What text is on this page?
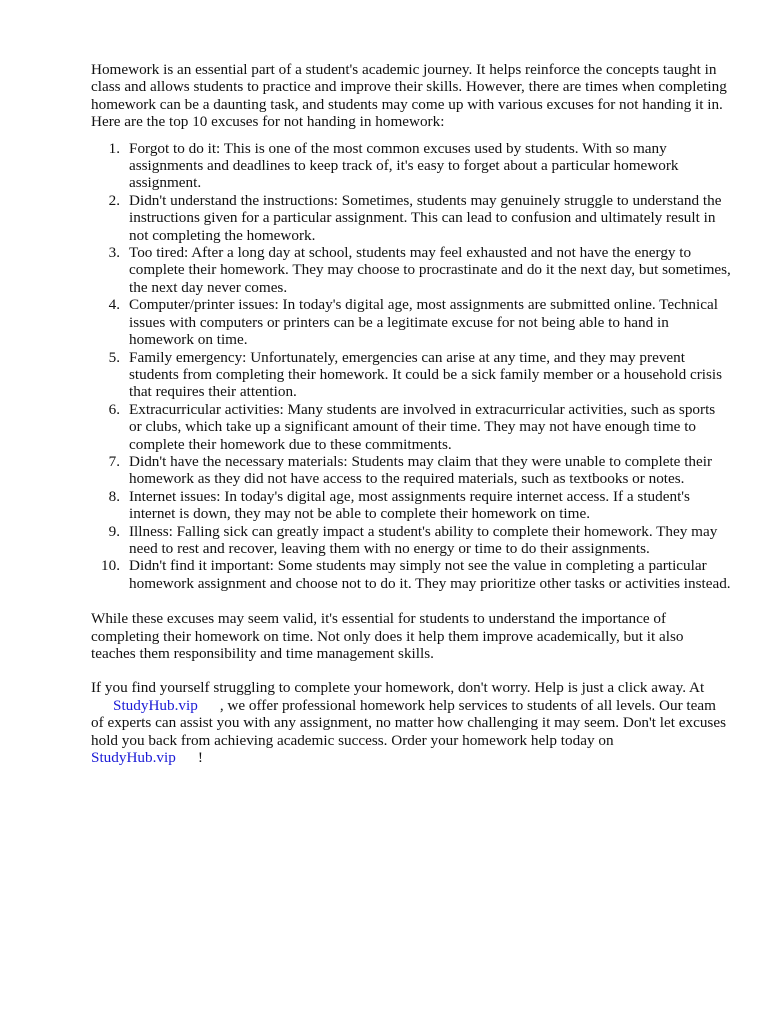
Homework is an essential part of a student's academic journey. It helps reinforce the concepts taught in class and allows students to practice and improve their skills. However, there are times when completing homework can be a daunting task, and students may come up with various excuses for not handing it in. Here are the top 10 excuses for not handing in homework:

1. Forgot to do it: This is one of the most common excuses used by students. With so many assignments and deadlines to keep track of, it's easy to forget about a particular homework assignment.
2. Didn't understand the instructions: Sometimes, students may genuinely struggle to understand the instructions given for a particular assignment. This can lead to confusion and ultimately result in not completing the homework.
3. Too tired: After a long day at school, students may feel exhausted and not have the energy to complete their homework. They may choose to procrastinate and do it the next day, but sometimes, the next day never comes.
4. Computer/printer issues: In today's digital age, most assignments are submitted online. Technical issues with computers or printers can be a legitimate excuse for not being able to hand in homework on time.
5. Family emergency: Unfortunately, emergencies can arise at any time, and they may prevent students from completing their homework. It could be a sick family member or a household crisis that requires their attention.
6. Extracurricular activities: Many students are involved in extracurricular activities, such as sports or clubs, which take up a significant amount of their time. They may not have enough time to complete their homework due to these commitments.
7. Didn't have the necessary materials: Students may claim that they were unable to complete their homework as they did not have access to the required materials, such as textbooks or notes.
8. Internet issues: In today's digital age, most assignments require internet access. If a student's internet is down, they may not be able to complete their homework on time.
9. Illness: Falling sick can greatly impact a student's ability to complete their homework. They may need to rest and recover, leaving them with no energy or time to do their assignments.
10. Didn't find it important: Some students may simply not see the value in completing a particular homework assignment and choose not to do it. They may prioritize other tasks or activities instead.

While these excuses may seem valid, it's essential for students to understand the importance of completing their homework on time. Not only does it help them improve academically, but it also teaches them responsibility and time management skills.

If you find yourself struggling to complete your homework, don't worry. Help is just a click away. At
StudyHub.vip , we offer professional homework help services to students of all levels. Our team of experts can assist you with any assignment, no matter how challenging it may seem. Don't let excuses hold you back from achieving academic success. Order your homework help today on
StudyHub.vip !
